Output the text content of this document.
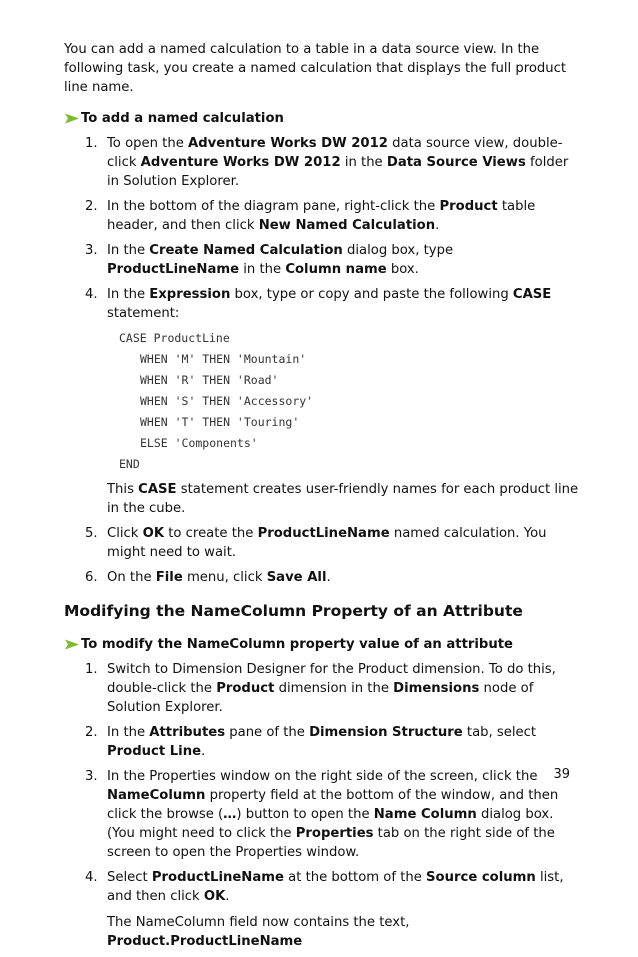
You can add a named calculation to a table in a data source view. In the following task, you create a named calculation that displays the full product line name.

To add a named calculation
1. To open the Adventure Works DW 2012 data source view, double-click Adventure Works DW 2012 in the Data Source Views folder in Solution Explorer.

2. In the bottom of the diagram pane, right-click the Product table header, and then click New Named Calculation.

3. In the Create Named Calculation dialog box, type ProductLineName in the Column name box.

4. In the Expression box, type or copy and paste the following CASE statement:

CASE ProductLine
WHEN 'M' THEN 'Mountain'
WHEN 'R' THEN 'Road'
WHEN 'S' THEN 'Accessory'
WHEN 'T' THEN 'Touring'
ELSE 'Components'
END

This CASE statement creates user-friendly names for each product line in the cube.

5. Click OK to create the ProductLineName named calculation. You might need to wait.

6. On the File menu, click Save All.

Modifying the NameColumn Property of an Attribute
To modify the NameColumn property value of an attribute
1. Switch to Dimension Designer for the Product dimension. To do this, double-click the Product dimension in the Dimensions node of Solution Explorer.

2. In the Attributes pane of the Dimension Structure tab, select Product Line.

3. In the Properties window on the right side of the screen, click the NameColumn property field at the bottom of the window, and then click the browse (…) button to open the Name Column dialog box. (You might need to click the Properties tab on the right side of the screen to open the Properties window.

4. Select ProductLineName at the bottom of the Source column list, and then click OK.

The NameColumn field now contains the text, Product.ProductLineName

39
